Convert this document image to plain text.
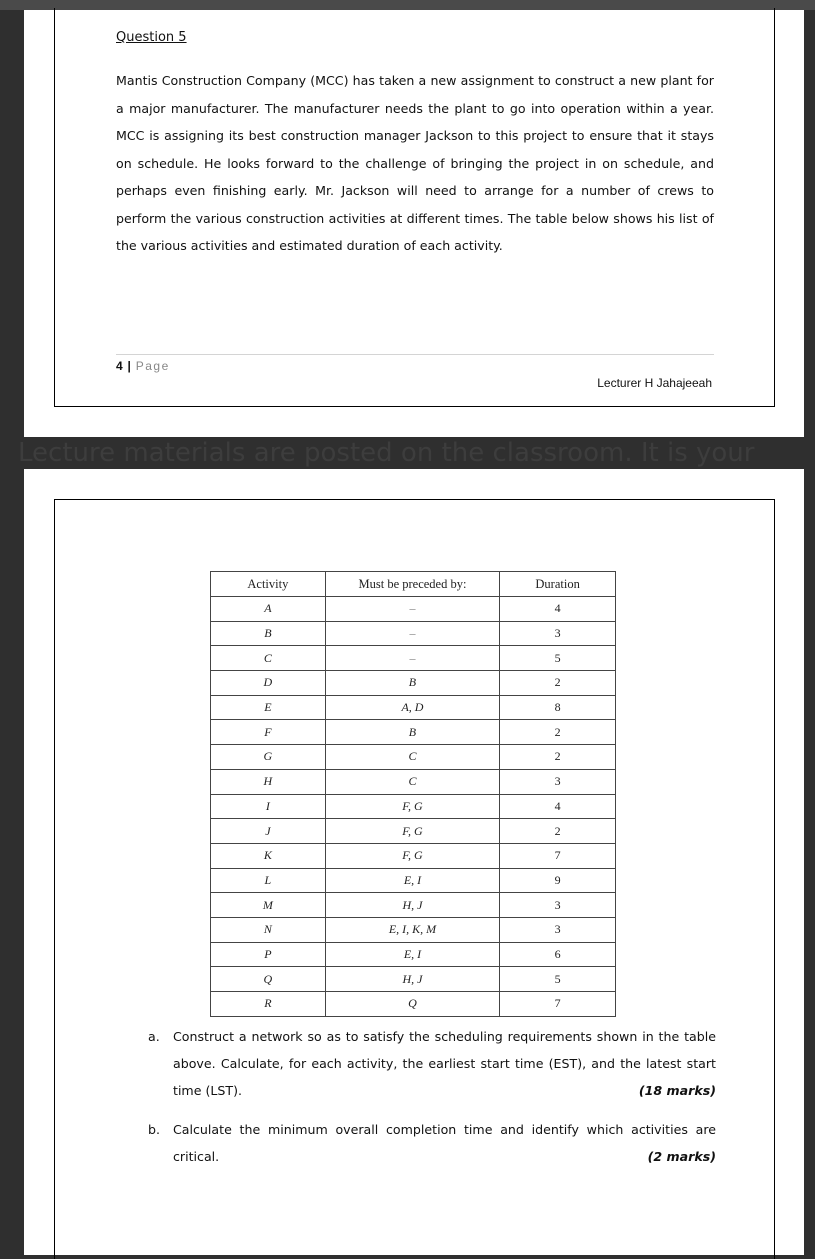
Question 5
Mantis Construction Company (MCC) has taken a new assignment to construct a new plant for a major manufacturer. The manufacturer needs the plant to go into operation within a year. MCC is assigning its best construction manager Jackson to this project to ensure that it stays on schedule. He looks forward to the challenge of bringing the project in on schedule, and perhaps even finishing early. Mr. Jackson will need to arrange for a number of crews to perform the various construction activities at different times. The table below shows his list of the various activities and estimated duration of each activity.
4 | Page
Lecturer H Jahajeeah
Lecture materials are posted on the classroom. It is your
Activity	Must be preceded by:	Duration
A	–	4
B	–	3
C	–	5
D	B	2
E	A, D	8
F	B	2
G	C	2
H	C	3
I	F, G	4
J	F, G	2
K	F, G	7
L	E, I	9
M	H, J	3
N	E, I, K, M	3
P	E, I	6
Q	H, J	5
R	Q	7
a. Construct a network so as to satisfy the scheduling requirements shown in the table above. Calculate, for each activity, the earliest start time (EST), and the latest start time (LST).	(18 marks)
b. Calculate the minimum overall completion time and identify which activities are critical.	(2 marks)
